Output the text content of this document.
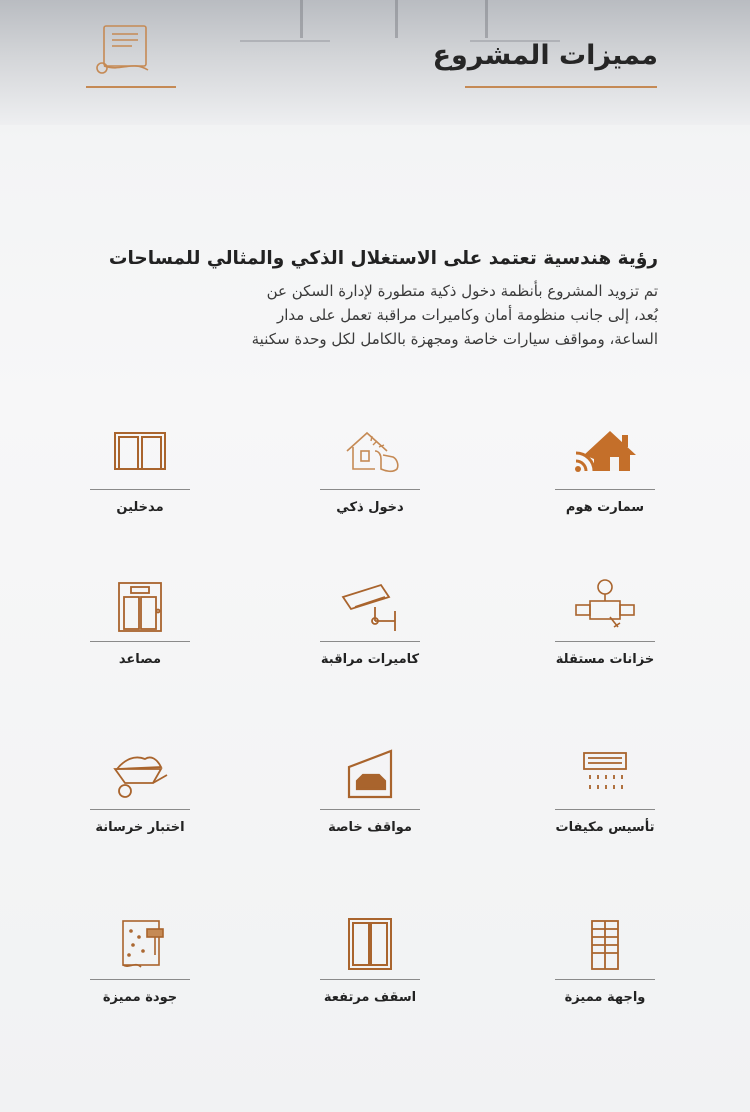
مميزات المشروع
رؤية هندسية تعتمد على الاستغلال الذكي والمثالي للمساحات
تم تزويد المشروع بأنظمة دخول ذكية متطورة لإدارة السكن عن
بُعد، إلى جانب منظومة أمان وكاميرات مراقبة تعمل على مدار
الساعة، ومواقف سيارات خاصة ومجهزة بالكامل لكل وحدة سكنية
سمارت هوم
دخول ذكي
مدخلين
خزانات مستقلة
كاميرات مراقبة
مصاعد
تأسيس مكيفات
مواقف خاصة
اختبار خرسانة
واجهة مميزة
اسقف مرتفعة
جودة مميزة
